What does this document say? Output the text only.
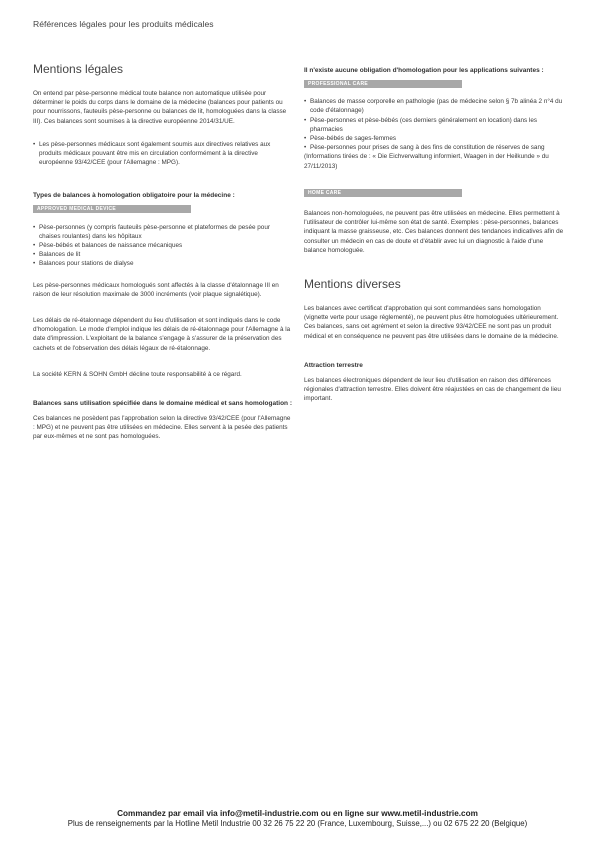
Références légales pour les produits médicales
Mentions légales

On entend par pèse-personne médical toute balance non automatique utilisée pour déterminer le poids du corps dans le domaine de la médecine (balances pour patients ou pour nourrissons, fauteuils pèse-personne ou balances de lit, homologuées dans la classe III). Ces balances sont soumises à la directive européenne 2014/31/UE.

• Les pèse-personnes médicaux sont également soumis aux directives relatives aux produits médicaux pouvant être mis en circulation conformément à la directive européenne 93/42/CEE (pour l'Allemagne : MPG).
Types de balances à homologation obligatoire pour la médecine :
APPROVED MEDICAL DEVICE
• Pèse-personnes (y compris fauteuils pèse-personne et plateformes de pesée pour chaises roulantes) dans les hôpitaux
• Pèse-bébés et balances de naissance mécaniques
• Balances de lit
• Balances pour stations de dialyse

Les pèse-personnes médicaux homologués sont affectés à la classe d'étalonnage III en raison de leur résolution maximale de 3000 incréments (voir plaque signalétique).

Les délais de ré-étalonnage dépendent du lieu d'utilisation et sont indiqués dans le code d'homologation. Le mode d'emploi indique les délais de ré-étalonnage pour l'Allemagne à la date d'impression. L'exploitant de la balance s'engage à s'assurer de la préservation des cachets et de l'observation des délais légaux de ré-étalonnage.

La société KERN & SOHN GmbH décline toute responsabilité à ce régard.

Balances sans utilisation spécifiée dans le domaine médical et sans homologation :

Ces balances ne posèdent pas l'approbation selon la directive 93/42/CEE (pour l'Allemagne : MPG) et ne peuvent pas être utilisées en médecine. Elles servent à la pesée des patients par eux-mêmes et ne sont pas homologuées.

Il n'existe aucune obligation d'homologation pour les applications suivantes :
PROFESSIONAL CARE
• Balances de masse corporelle en pathologie (pas de médecine selon § 7b alinéa 2 n°4 du code d'étalonnage)
• Pèse-personnes et pèse-bébés (ces derniers généralement en location) dans les pharmacies
• Pèse-bébés de sages-femmes
• Pèse-personnes pour prises de sang à des fins de constitution de réserves de sang

(Informations tirées de : « Die Eichverwaltung informiert, Waagen in der Heilkunde » du 27/11/2013)

HOME CARE

Balances non-homologuées, ne peuvent pas être utilisées en médecine. Elles permettent à l'utilisateur de contrôler lui-même son état de santé. Exemples : pèse-personnes, balances indiquant la masse graisseuse, etc. Ces balances donnent des tendances indicatives afin de consulter un médecin en cas de doute et d'établir avec lui un diagnostic à l'aide d'une balance homologuée.

Mentions diverses

Les balances avec certificat d'approbation qui sont commandées sans homologation (vignette verte pour usage réglementé), ne peuvent plus être homologuées ultérieurement. Ces balances, sans cet agrément et selon la directive 93/42/CEE ne sont pas un produit médical et en conséquence ne peuvent pas être utilisées dans le domaine de la médecine.

Attraction terrestre

Les balances électroniques dépendent de leur lieu d'utilisation en raison des différences régionales d'attraction terrestre. Elles doivent être réajustées en cas de changement de lieu important.

Commandez par email via info@metil-industrie.com ou en ligne sur www.metil-industrie.com
Plus de renseignements par la Hotline Metil Industrie 00 32 26 75 22 20 (France, Luxembourg, Suisse,...) ou 02 675 22 20 (Belgique)
